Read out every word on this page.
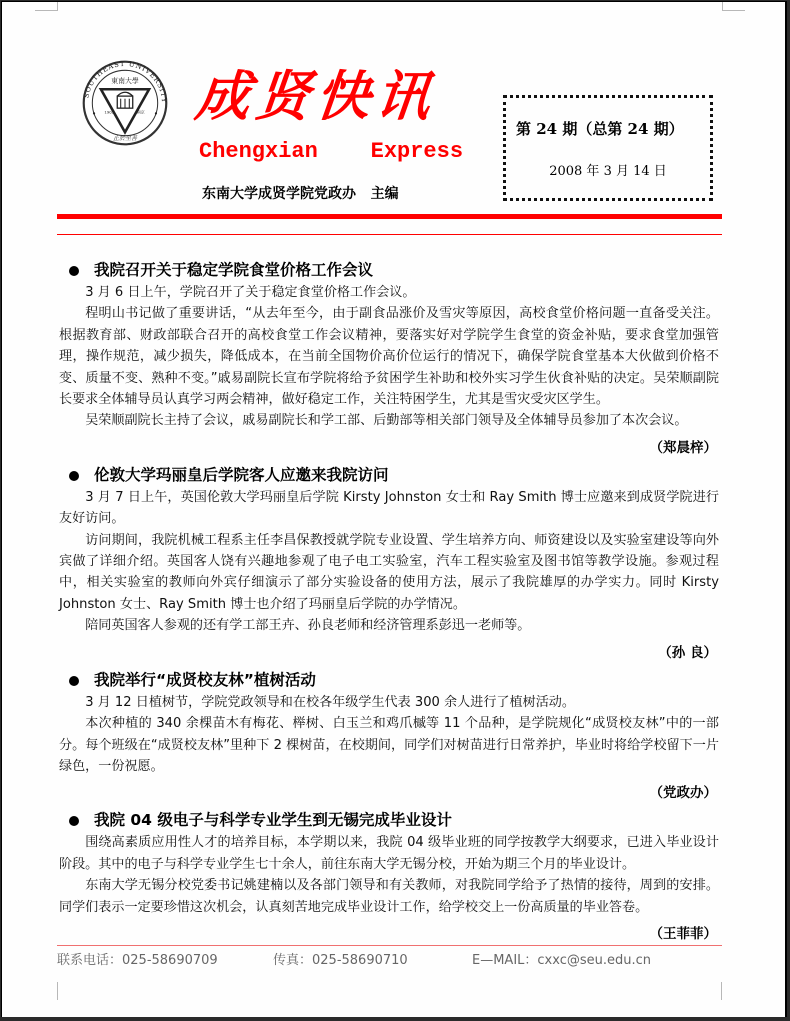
SOUTHEAST UNIVERSITY
東南大學
1902	南京
止於至善
成贤快讯
Chengxian    Express
东南大学成贤学院党政办   主编
第 24 期（总第 24 期）
2008 年 3 月 14 日
我院召开关于稳定学院食堂价格工作会议

3 月 6 日上午，学院召开了关于稳定食堂价格工作会议。

程明山书记做了重要讲话，“从去年至今，由于副食品涨价及雪灾等原因，高校食堂价格问题一直备受关注。根据教育部、财政部联合召开的高校食堂工作会议精神，要落实好对学院学生食堂的资金补贴，要求食堂加强管理，操作规范，减少损失，降低成本，在当前全国物价高价位运行的情况下，确保学院食堂基本大伙做到价格不变、质量不变、熟种不变。”戚易副院长宣布学院将给予贫困学生补助和校外实习学生伙食补贴的决定。吴荣顺副院长要求全体辅导员认真学习两会精神，做好稳定工作，关注特困学生，尤其是雪灾受灾区学生。

吴荣顺副院长主持了会议，戚易副院长和学工部、后勤部等相关部门领导及全体辅导员参加了本次会议。

（郑晨梓）
伦敦大学玛丽皇后学院客人应邀来我院访问

3 月 7 日上午，英国伦敦大学玛丽皇后学院 Kirsty Johnston 女士和 Ray Smith 博士应邀来到成贤学院进行友好访问。

访问期间，我院机械工程系主任李昌保教授就学院专业设置、学生培养方向、师资建设以及实验室建设等向外宾做了详细介绍。英国客人饶有兴趣地参观了电子电工实验室，汽车工程实验室及图书馆等教学设施。参观过程中，相关实验室的教师向外宾仔细演示了部分实验设备的使用方法，展示了我院雄厚的办学实力。同时 Kirsty Johnston 女士、Ray Smith 博士也介绍了玛丽皇后学院的办学情况。

陪同英国客人参观的还有学工部王卉、孙良老师和经济管理系彭迅一老师等。

（孙 良）
我院举行“成贤校友林”植树活动

3 月 12 日植树节，学院党政领导和在校各年级学生代表 300 余人进行了植树活动。

本次种植的 340 余棵苗木有梅花、榉树、白玉兰和鸡爪槭等 11 个品种，是学院规化“成贤校友林”中的一部分。每个班级在“成贤校友林”里种下 2 棵树苗，在校期间，同学们对树苗进行日常养护，毕业时将给学校留下一片绿色，一份祝愿。

（党政办）
我院 04 级电子与科学专业学生到无锡完成毕业设计

围绕高素质应用性人才的培养目标，本学期以来，我院 04 级毕业班的同学按教学大纲要求，已进入毕业设计阶段。其中的电子与科学专业学生七十余人，前往东南大学无锡分校，开始为期三个月的毕业设计。

东南大学无锡分校党委书记姚建楠以及各部门领导和有关教师，对我院同学给予了热情的接待，周到的安排。同学们表示一定要珍惜这次机会，认真刻苦地完成毕业设计工作，给学校交上一份高质量的毕业答卷。

（王菲菲）
联系电话：025-58690709	传真：025-58690710	E—MAIL：cxxc@seu.edu.cn
